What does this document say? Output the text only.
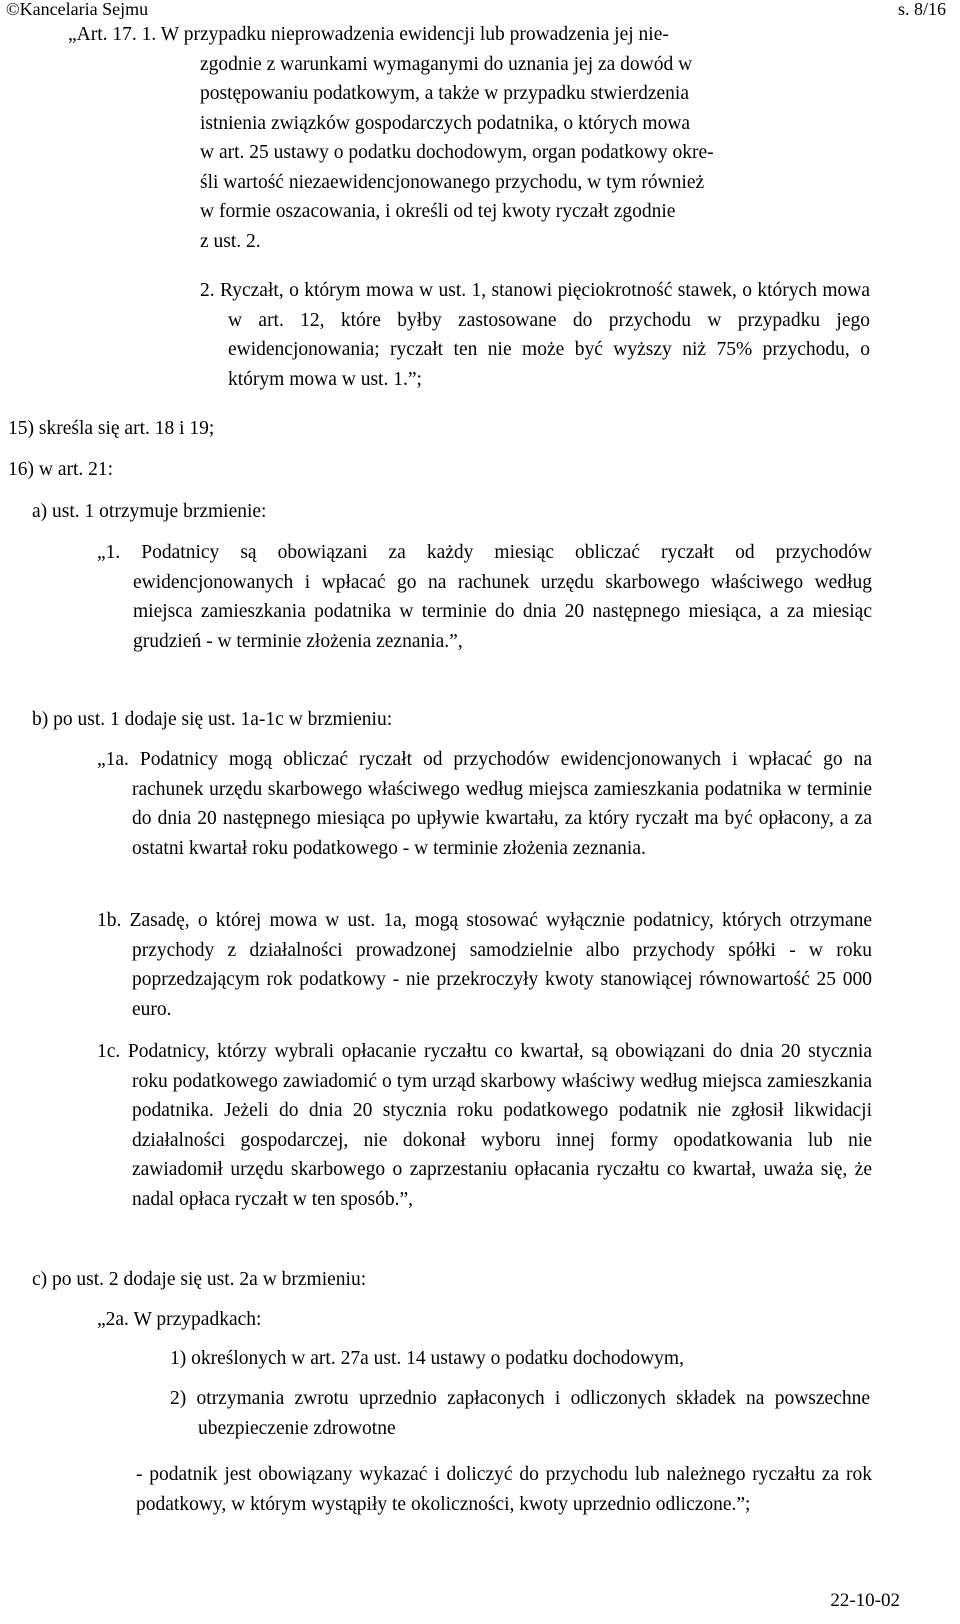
©Kancelaria Sejmu	s. 8/16

„Art. 17. 1. W przypadku nieprowadzenia ewidencji lub prowadzenia jej nie-

zgodnie z warunkami wymaganymi do uznania jej za dowód w

postępowaniu podatkowym, a także w przypadku stwierdzenia

istnienia związków gospodarczych podatnika, o których mowa

w art. 25 ustawy o podatku dochodowym, organ podatkowy okre-

śli wartość niezaewidencjonowanego przychodu, w tym również

w formie oszacowania, i określi od tej kwoty ryczałt zgodnie

z ust. 2.

2. Ryczałt, o którym mowa w ust. 1, stanowi pięciokrotność stawek, o których mowa w art. 12, które byłby zastosowane do przychodu w przypadku jego ewidencjonowania; ryczałt ten nie może być wyższy niż 75% przychodu, o którym mowa w ust. 1.”;

15) skreśla się art. 18 i 19;

16) w art. 21:

a) ust. 1 otrzymuje brzmienie:

„1. Podatnicy są obowiązani za każdy miesiąc obliczać ryczałt od przychodów ewidencjonowanych i wpłacać go na rachunek urzędu skarbowego właściwego według miejsca zamieszkania podatnika w terminie do dnia 20 następnego miesiąca, a za miesiąc grudzień - w terminie złożenia zeznania.”,

b) po ust. 1 dodaje się ust. 1a-1c w brzmieniu:

„1a. Podatnicy mogą obliczać ryczałt od przychodów ewidencjonowanych i wpłacać go na rachunek urzędu skarbowego właściwego według miejsca zamieszkania podatnika w terminie do dnia 20 następnego miesiąca po upływie kwartału, za który ryczałt ma być opłacony, a za ostatni kwartał roku podatkowego - w terminie złożenia zeznania.

1b. Zasadę, o której mowa w ust. 1a, mogą stosować wyłącznie podatnicy, których otrzymane przychody z działalności prowadzonej samodzielnie albo przychody spółki - w roku poprzedzającym rok podatkowy - nie przekroczyły kwoty stanowiącej równowartość 25 000 euro.

1c. Podatnicy, którzy wybrali opłacanie ryczałtu co kwartał, są obowiązani do dnia 20 stycznia roku podatkowego zawiadomić o tym urząd skarbowy właściwy według miejsca zamieszkania podatnika. Jeżeli do dnia 20 stycznia roku podatkowego podatnik nie zgłosił likwidacji działalności gospodarczej, nie dokonał wyboru innej formy opodatkowania lub nie zawiadomił urzędu skarbowego o zaprzestaniu opłacania ryczałtu co kwartał, uważa się, że nadal opłaca ryczałt w ten sposób.”,

c) po ust. 2 dodaje się ust. 2a w brzmieniu:

„2a. W przypadkach:

1) określonych w art. 27a ust. 14 ustawy o podatku dochodowym,

2) otrzymania zwrotu uprzednio zapłaconych i odliczonych składek na powszechne ubezpieczenie zdrowotne

- podatnik jest obowiązany wykazać i doliczyć do przychodu lub należnego ryczałtu za rok podatkowy, w którym wystąpiły te okoliczności, kwoty uprzednio odliczone.”;

22-10-02
